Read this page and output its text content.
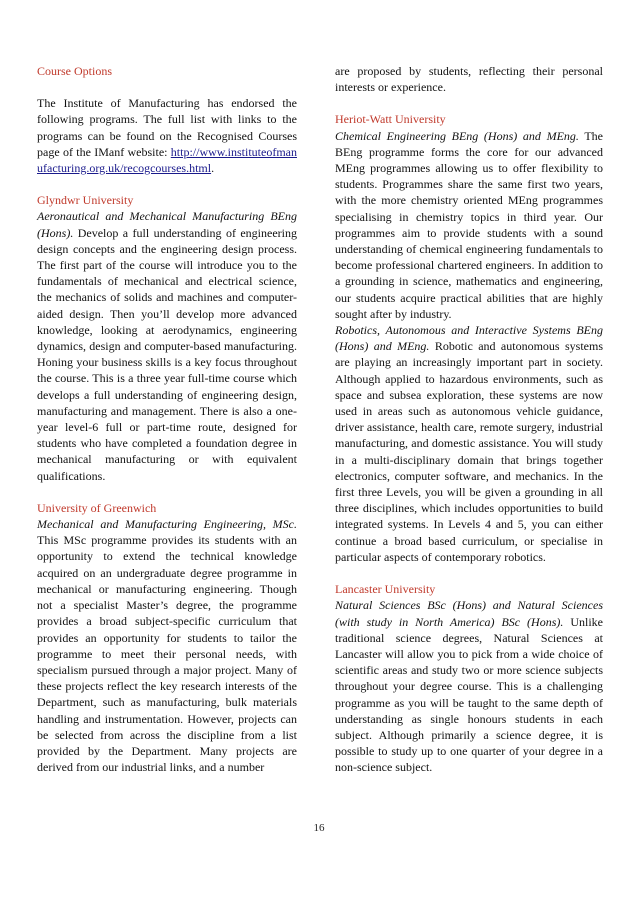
Course Options

The Institute of Manufacturing has endorsed the following programs. The full list with links to the programs can be found on the Recognised Courses page of the IManf website: http://www.instituteofmanufacturing.org.uk/recogcourses.html.

Glyndwr University

Aeronautical and Mechanical Manufacturing BEng (Hons). Develop a full understanding of engineering design concepts and the engineering design process. The first part of the course will introduce you to the fundamentals of mechanical and electrical science, the mechanics of solids and machines and computer-aided design. Then you’ll develop more advanced knowledge, looking at aerodynamics, engineering dynamics, design and computer-based manufacturing. Honing your business skills is a key focus throughout the course. This is a three year full-time course which develops a full understanding of engineering design, manufacturing and management. There is also a one-year level-6 full or part-time route, designed for students who have completed a foundation degree in mechanical manufacturing or with equivalent qualifications.

University of Greenwich

Mechanical and Manufacturing Engineering, MSc. This MSc programme provides its students with an opportunity to extend the technical knowledge acquired on an undergraduate degree programme in mechanical or manufacturing engineering. Though not a specialist Master’s degree, the programme provides a broad subject-specific curriculum that provides an opportunity for students to tailor the programme to meet their personal needs, with specialism pursued through a major project. Many of these projects reflect the key research interests of the Department, such as manufacturing, bulk materials handling and instrumentation. However, projects can be selected from across the discipline from a list provided by the Department. Many projects are derived from our industrial links, and a number

are proposed by students, reflecting their personal interests or experience.

Heriot-Watt University

Chemical Engineering BEng (Hons) and MEng. The BEng programme forms the core for our advanced MEng programmes allowing us to offer flexibility to students. Programmes share the same first two years, with the more chemistry oriented MEng programmes specialising in chemistry topics in third year. Our programmes aim to provide students with a sound understanding of chemical engineering fundamentals to become professional chartered engineers. In addition to a grounding in science, mathematics and engineering, our students acquire practical abilities that are highly sought after by industry.

Robotics, Autonomous and Interactive Systems BEng (Hons) and MEng. Robotic and autonomous systems are playing an increasingly important part in society. Although applied to hazardous environments, such as space and subsea exploration, these systems are now used in areas such as autonomous vehicle guidance, driver assistance, health care, remote surgery, industrial manufacturing, and domestic assistance. You will study in a multi-disciplinary domain that brings together electronics, computer software, and mechanics. In the first three Levels, you will be given a grounding in all three disciplines, which includes opportunities to build integrated systems. In Levels 4 and 5, you can either continue a broad based curriculum, or specialise in particular aspects of contemporary robotics.

Lancaster University

Natural Sciences BSc (Hons) and Natural Sciences (with study in North America) BSc (Hons). Unlike traditional science degrees, Natural Sciences at Lancaster will allow you to pick from a wide choice of scientific areas and study two or more science subjects throughout your degree course. This is a challenging programme as you will be taught to the same depth of understanding as single honours students in each subject. Although primarily a science degree, it is possible to study up to one quarter of your degree in a non-science subject.

16
